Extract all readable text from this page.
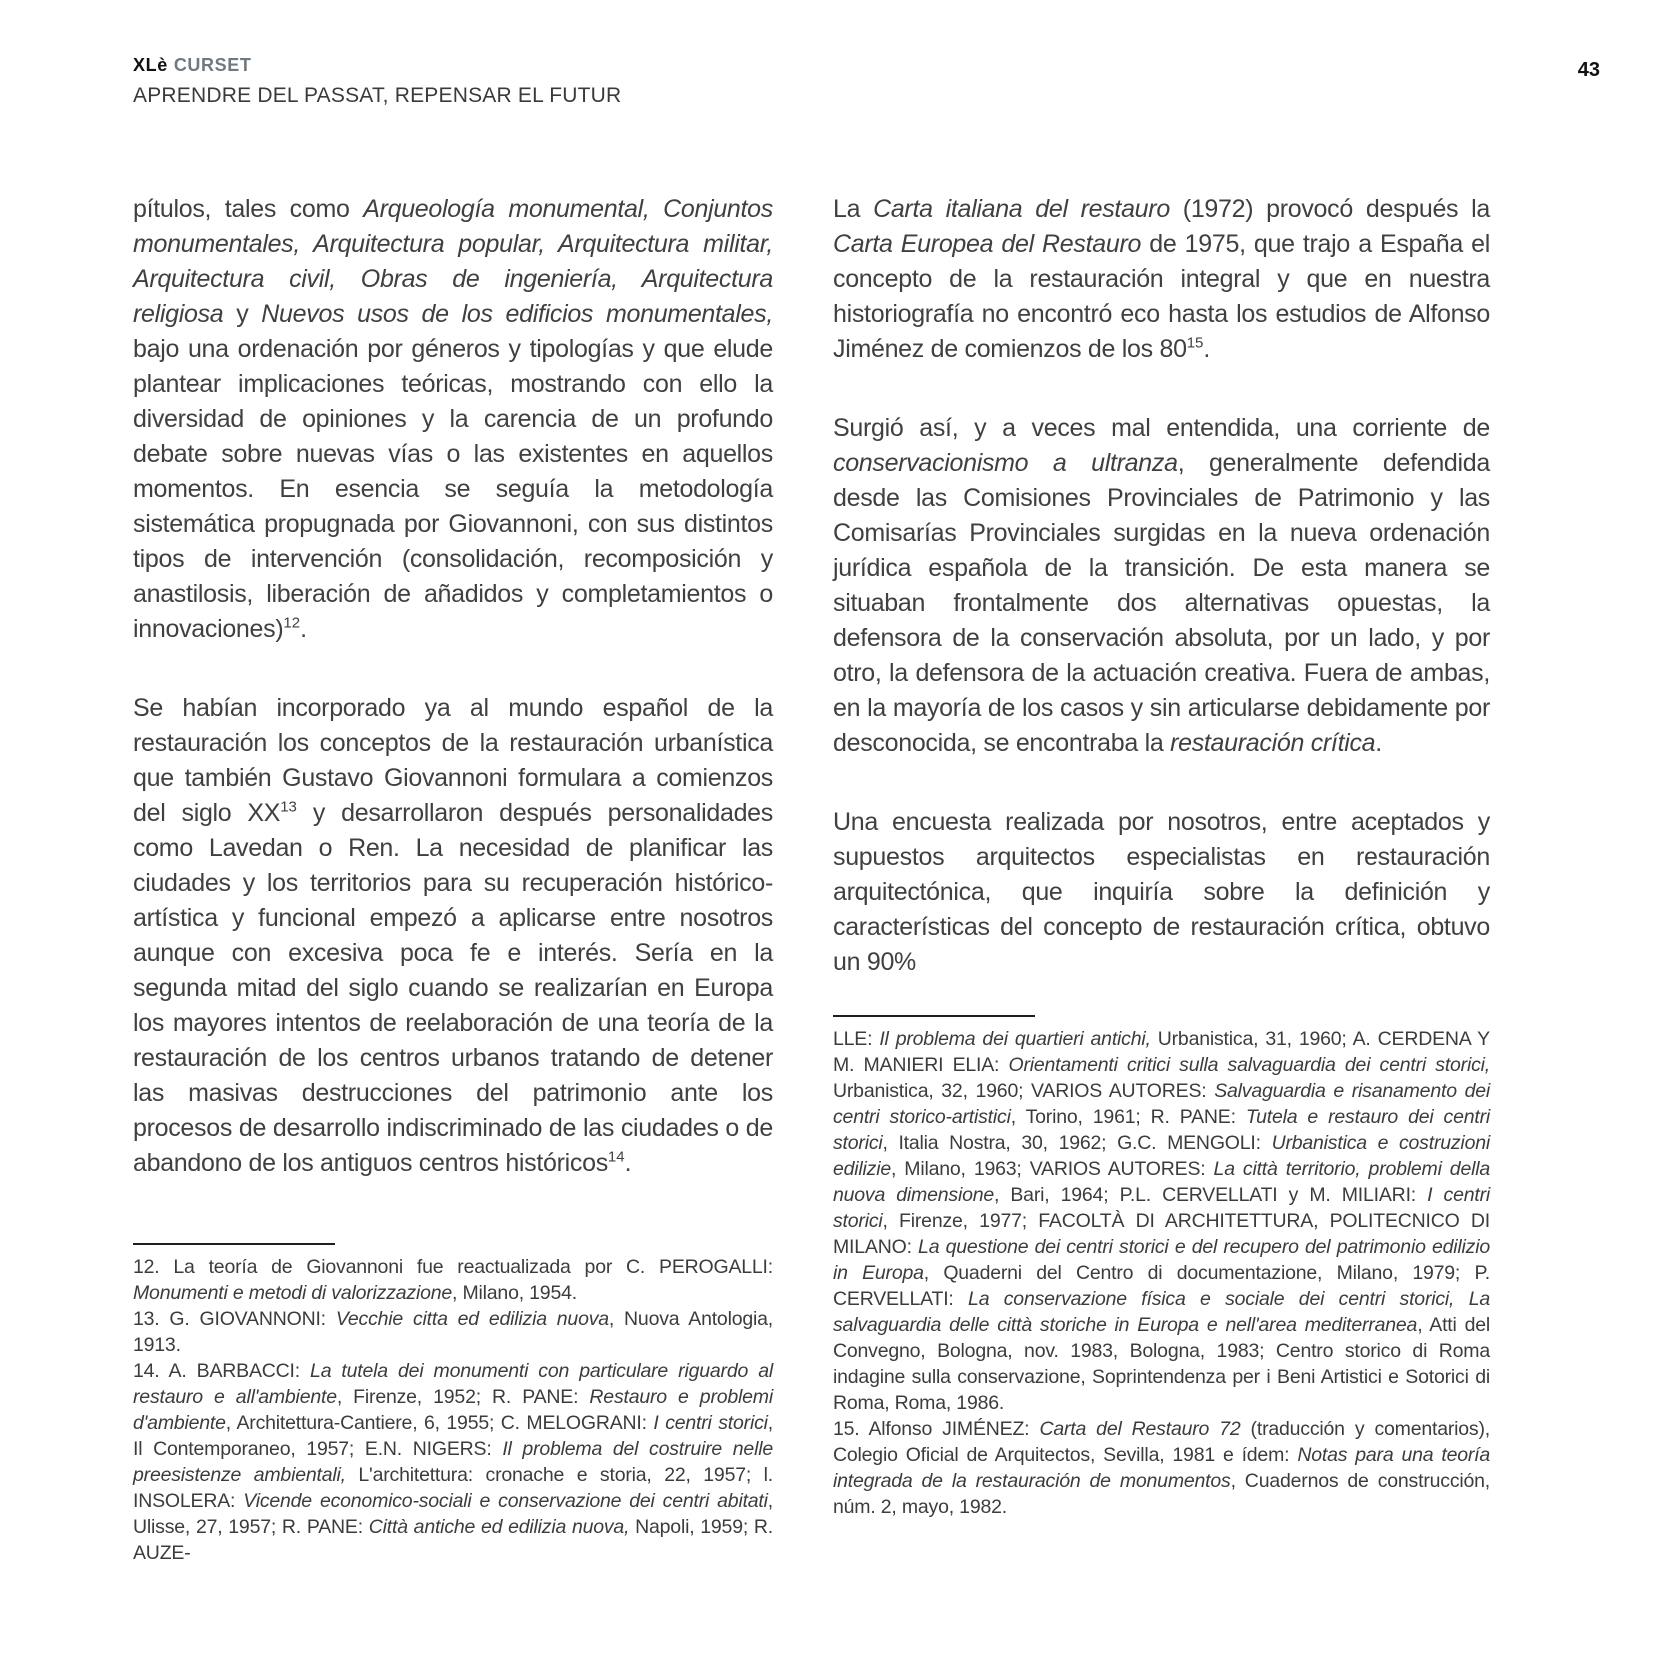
XLè CURSET
APRENDRE DEL PASSAT, REPENSAR EL FUTUR
43

pítulos, tales como Arqueología monumental, Conjuntos monumentales, Arquitectura popular, Arquitectura militar, Arquitectura civil, Obras de ingeniería, Arquitectura religiosa y Nuevos usos de los edificios monumentales, bajo una ordenación por géneros y tipologías y que elude plantear implicaciones teóricas, mostrando con ello la diversidad de opiniones y la carencia de un profundo debate sobre nuevas vías o las existentes en aquellos momentos. En esencia se seguía la metodología sistemática propugnada por Giovannoni, con sus distintos tipos de intervención (consolidación, recomposición y anastilosis, liberación de añadidos y completamientos o innovaciones)$^{12}$.

Se habían incorporado ya al mundo español de la restauración los conceptos de la restauración urbanística que también Gustavo Giovannoni formulara a comienzos del siglo XX$^{13}$ y desarrollaron después personalidades como Lavedan o Ren. La necesidad de planificar las ciudades y los territorios para su recuperación histórico-artística y funcional empezó a aplicarse entre nosotros aunque con excesiva poca fe e interés. Sería en la segunda mitad del siglo cuando se realizarían en Europa los mayores intentos de reelaboración de una teoría de la restauración de los centros urbanos tratando de detener las masivas destrucciones del patrimonio ante los procesos de desarrollo indiscriminado de las ciudades o de abandono de los antiguos centros históricos$^{14}$.

La Carta italiana del restauro (1972) provocó después la Carta Europea del Restauro de 1975, que trajo a España el concepto de la restauración integral y que en nuestra historiografía no encontró eco hasta los estudios de Alfonso Jiménez de comienzos de los $80^{15}$.

Surgió así, y a veces mal entendida, una corriente de conservacionismo a ultranza, generalmente defendida desde las Comisiones Provinciales de Patrimonio y las Comisarías Provinciales surgidas en la nueva ordenación jurídica española de la transición. De esta manera se situaban frontalmente dos alternativas opuestas, la defensora de la conservación absoluta, por un lado, y por otro, la defensora de la actuación creativa. Fuera de ambas, en la mayoría de los casos y sin articularse debidamente por desconocida, se encontraba la restauración crítica.

Una encuesta realizada por nosotros, entre aceptados y supuestos arquitectos especialistas en restauración arquitectónica, que inquiría sobre la definición y características del concepto de restauración crítica, obtuvo un 90%

12. La teoría de Giovannoni fue reactualizada por C. PEROGALLI: Monumenti e metodi di valorizzazione, Milano, 1954.

13. G. GIOVANNONI: Vecchie citta ed edilizia nuova, Nuova Antologia, 1913.

14. A. BARBACCI: La tutela dei monumenti con particulare riguardo al restauro e all'ambiente, Firenze, 1952; R. PANE: Restauro e problemi d'ambiente, Architettura-Cantiere, 6, 1955; C. MELOGRANI: I centri storici, Il Contemporaneo, 1957; E.N. NIGERS: Il problema del costruire nelle preesistenze ambientali, L'architettura: cronache e storia, 22, 1957; l. INSOLERA: Vicende economico-sociali e conservazione dei centri abitati, Ulisse, 27, 1957; R. PANE: Città antiche ed edilizia nuova, Napoli, 1959; R. AUZE-

LLE: Il problema dei quartieri antichi, Urbanistica, 31, 1960; A. CERDENA Y M. MANIERI ELIA: Orientamenti critici sulla salvaguardia dei centri storici, Urbanistica, 32, 1960; VARIOS AUTORES: Salvaguardia e risanamento dei centri storico-artistici, Torino, 1961; R. PANE: Tutela e restauro dei centri storici, Italia Nostra, 30, 1962; G.C. MENGOLI: Urbanistica e costruzioni edilizie, Milano, 1963; VARIOS AUTORES: La città territorio, problemi della nuova dimensione, Bari, 1964; P.L. CERVELLATI y M. MILIARI: I centri storici, Firenze, 1977; FACOLTÀ DI ARCHITETTURA, POLITECNICO DI MILANO: La questione dei centri storici e del recupero del patrimonio edilizio in Europa, Quaderni del Centro di documentazione, Milano, 1979; P. CERVELLATI: La conservazione física e sociale dei centri storici, La salvaguardia delle città storiche in Europa e nell'area mediterranea, Atti del Convegno, Bologna, nov. 1983, Bologna, 1983; Centro storico di Roma indagine sulla conservazione, Soprintendenza per i Beni Artistici e Sotorici di Roma, Roma, 1986.

15. Alfonso JIMÉNEZ: Carta del Restauro 72 (traducción y comentarios), Colegio Oficial de Arquitectos, Sevilla, 1981 e ídem: Notas para una teoría integrada de la restauración de monumentos, Cuadernos de construcción, núm. 2, mayo, 1982.
